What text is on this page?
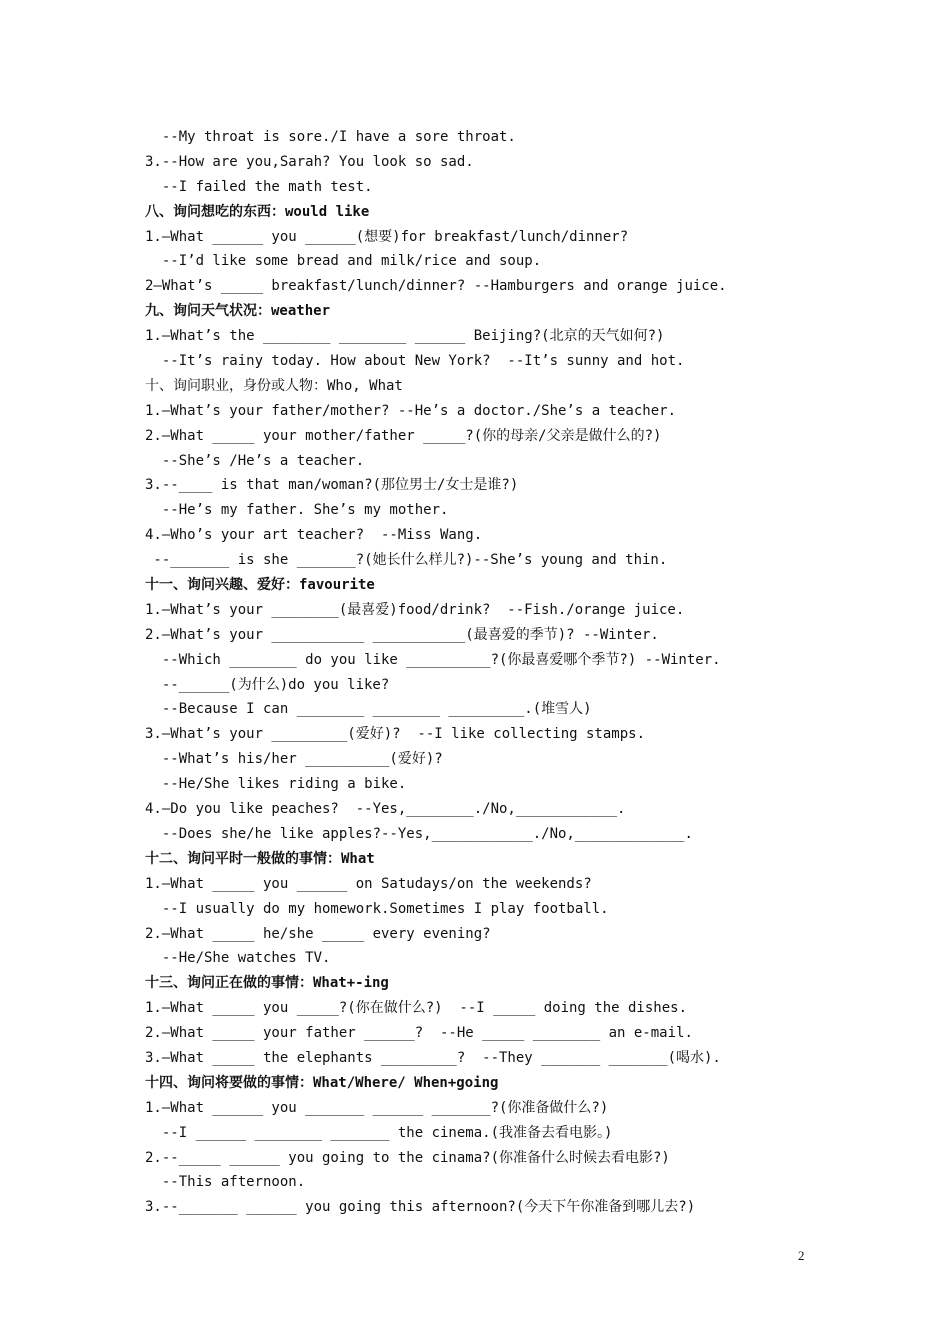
--My throat is sore./I have a sore throat.
3.--How are you,Sarah? You look so sad.
--I failed the math test.
八、询问想吃的东西：would like
1.—What ______ you ______(想要)for breakfast/lunch/dinner?
--I’d like some bread and milk/rice and soup.
2—What’s _____ breakfast/lunch/dinner? --Hamburgers and orange juice.
九、询问天气状况：weather
1.—What’s the ________ ________ ______ Beijing?(北京的天气如何?)
--It’s rainy today. How about New York?  --It’s sunny and hot.
十、询问职业，身份或人物：Who, What
1.—What’s your father/mother? --He’s a doctor./She’s a teacher.
2.—What _____ your mother/father _____?(你的母亲/父亲是做什么的?)
--She’s /He’s a teacher.
3.--____ is that man/woman?(那位男士/女士是谁?)
--He’s my father. She’s my mother.
4.—Who’s your art teacher?  --Miss Wang.
--_______ is she _______?(她长什么样儿?)--She’s young and thin.
十一、询问兴趣、爱好：favourite
1.—What’s your ________(最喜爱)food/drink?  --Fish./orange juice.
2.—What’s your ___________ ___________(最喜爱的季节)? --Winter.
--Which ________ do you like __________?(你最喜爱哪个季节?) --Winter.
--______(为什么)do you like?
--Because I can ________ ________ _________.(堆雪人)
3.—What’s your _________(爱好)?  --I like collecting stamps.
--What’s his/her __________(爱好)?
--He/She likes riding a bike.
4.—Do you like peaches?  --Yes,________./No,____________.
--Does she/he like apples?--Yes,____________./No,_____________.
十二、询问平时一般做的事情：What
1.—What _____ you ______ on Satudays/on the weekends?
--I usually do my homework.Sometimes I play football.
2.—What _____ he/she _____ every evening?
--He/She watches TV.
十三、询问正在做的事情：What+-ing
1.—What _____ you _____?(你在做什么?)  --I _____ doing the dishes.
2.—What _____ your father ______?  --He _____ ________ an e-mail.
3.—What _____ the elephants _________?  --They _______ _______(喝水).
十四、询问将要做的事情：What/Where/ When+going
1.—What ______ you _______ ______ _______?(你准备做什么?)
--I ______ ________ _______ the cinema.(我准备去看电影。)
2.--_____ ______ you going to the cinama?(你准备什么时候去看电影?)
--This afternoon.
3.--_______ ______ you going this afternoon?(今天下午你准备到哪儿去?)
2
